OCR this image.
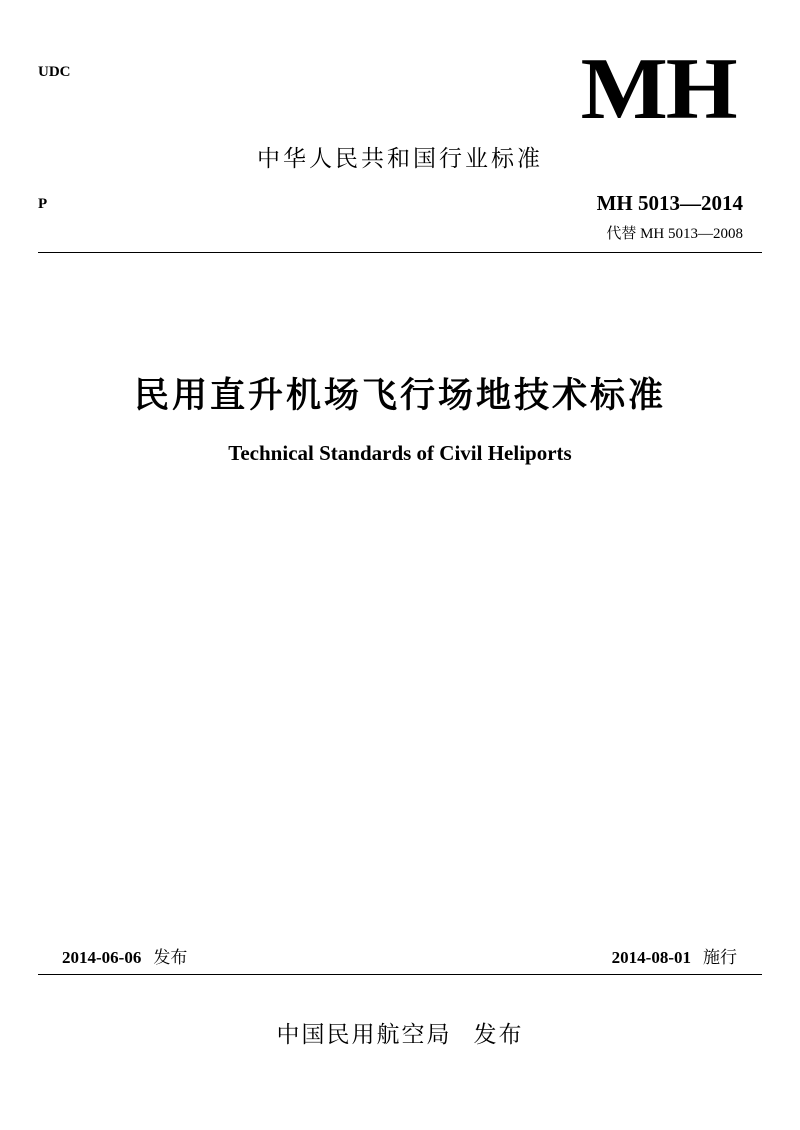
UDC	MH
中华人民共和国行业标准
P	MH 5013—2014
代替 MH 5013—2008
民用直升机场飞行场地技术标准
Technical Standards of Civil Heliports
2014-06-06 发布	2014-08-01 施行
中国民用航空局 发布
